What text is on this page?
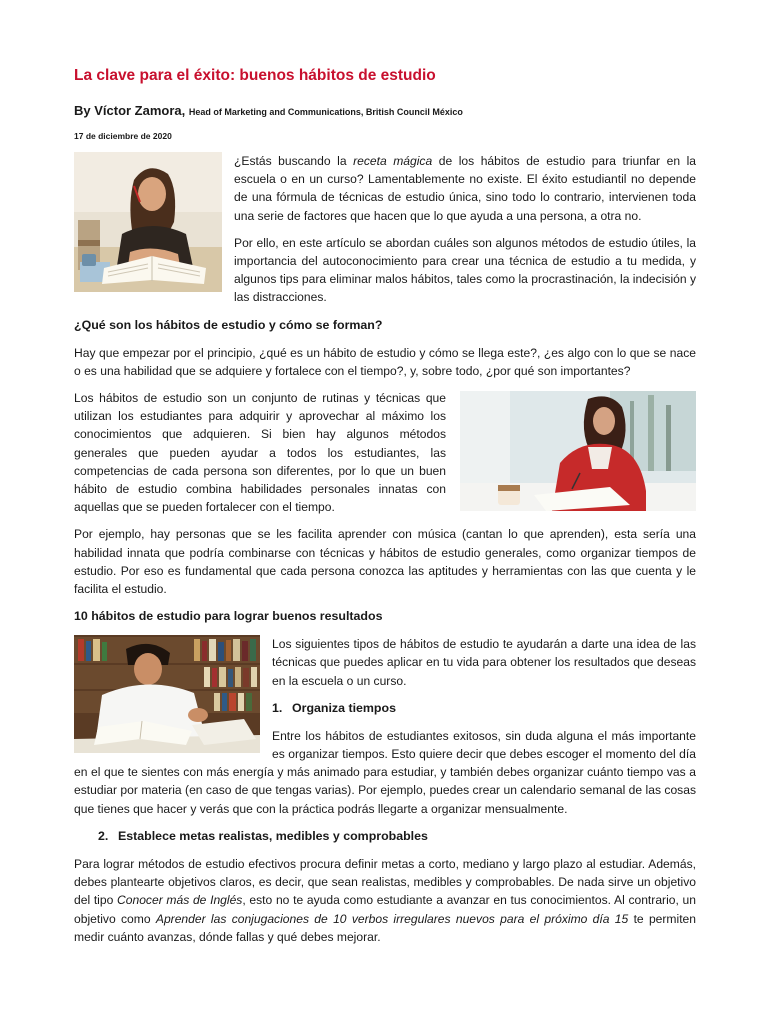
La clave para el éxito: buenos hábitos de estudio
By Víctor Zamora, Head of Marketing and Communications, British Council México
17 de diciembre de 2020

¿Estás buscando la receta mágica de los hábitos de estudio para triunfar en la escuela o en un curso? Lamentablemente no existe. El éxito estudiantil no depende de una fórmula de técnicas de estudio única, sino todo lo contrario, intervienen toda una serie de factores que hacen que lo que ayuda a una persona, a otra no.

Por ello, en este artículo se abordan cuáles son algunos métodos de estudio útiles, la importancia del autoconocimiento para crear una técnica de estudio a tu medida, y algunos tips para eliminar malos hábitos, tales como la procrastinación, la indecisión y las distracciones.

¿Qué son los hábitos de estudio y cómo se forman?

Hay que empezar por el principio, ¿qué es un hábito de estudio y cómo se llega este?, ¿es algo con lo que se nace o es una habilidad que se adquiere y fortalece con el tiempo?, y, sobre todo, ¿por qué son importantes?

Los hábitos de estudio son un conjunto de rutinas y técnicas que utilizan los estudiantes para adquirir y aprovechar al máximo los conocimientos que adquieren. Si bien hay algunos métodos generales que pueden ayudar a todos los estudiantes, las competencias de cada persona son diferentes, por lo que un buen hábito de estudio combina habilidades personales innatas con aquellas que se pueden fortalecer con el tiempo.

Por ejemplo, hay personas que se les facilita aprender con música (cantan lo que aprenden), esta sería una habilidad innata que podría combinarse con técnicas y hábitos de estudio generales, como organizar tiempos de estudio. Por eso es fundamental que cada persona conozca las aptitudes y herramientas con las que cuenta y le facilita el estudio.

10 hábitos de estudio para lograr buenos resultados

Los siguientes tipos de hábitos de estudio te ayudarán a darte una idea de las técnicas que puedes aplicar en tu vida para obtener los resultados que deseas en la escuela o un curso.

1. Organiza tiempos

Entre los hábitos de estudiantes exitosos, sin duda alguna el más importante es organizar tiempos. Esto quiere decir que debes escoger el momento del día en el que te sientes con más energía y más animado para estudiar, y también debes organizar cuánto tiempo vas a estudiar por materia (en caso de que tengas varias). Por ejemplo, puedes crear un calendario semanal de las cosas que tienes que hacer y verás que con la práctica podrás llegarte a organizar mensualmente.

2. Establece metas realistas, medibles y comprobables

Para lograr métodos de estudio efectivos procura definir metas a corto, mediano y largo plazo al estudiar. Además, debes plantearte objetivos claros, es decir, que sean realistas, medibles y comprobables. De nada sirve un objetivo del tipo Conocer más de Inglés, esto no te ayuda como estudiante a avanzar en tus conocimientos. Al contrario, un objetivo como Aprender las conjugaciones de 10 verbos irregulares nuevos para el próximo día 15 te permiten medir cuánto avanzas, dónde fallas y qué debes mejorar.
